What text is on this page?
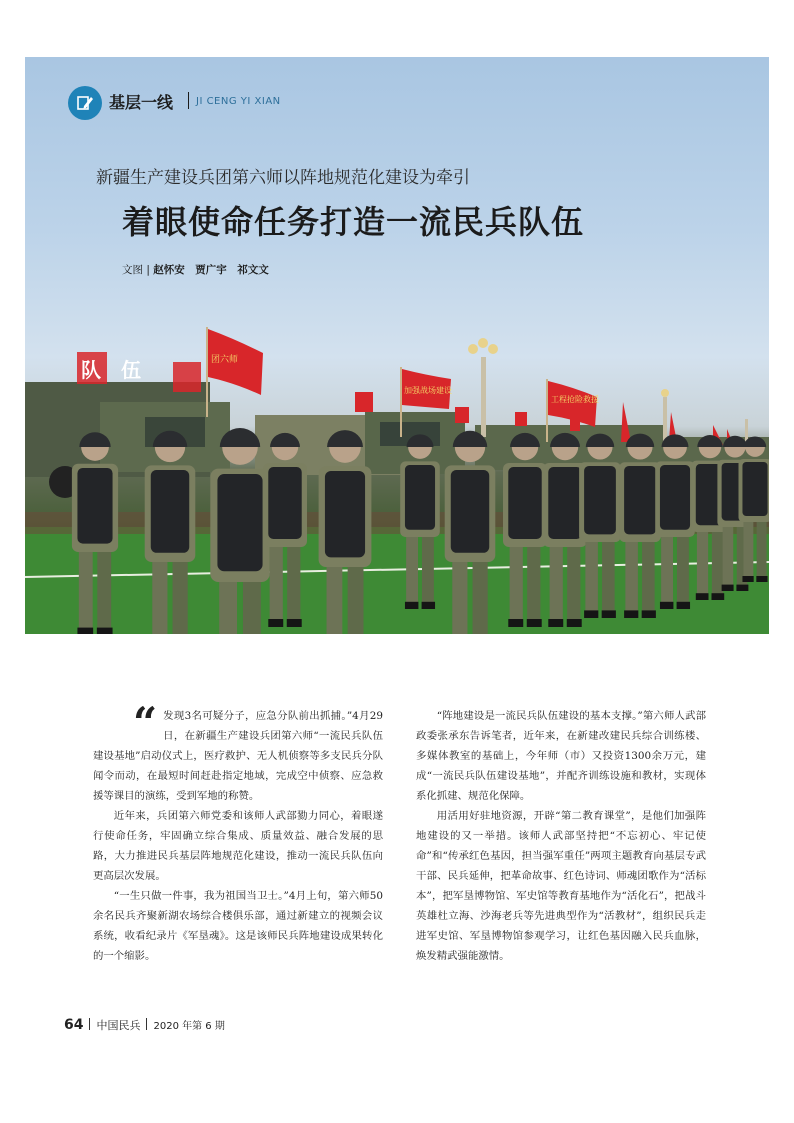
队　伍	团六师
加强战场建设
工程抢险救援
基层一线 JI CENG YI XIAN
新疆生产建设兵团第六师以阵地规范化建设为牵引
着眼使命任务打造一流民兵队伍
文图 | 赵怀安　贾广宇　祁文文

“ 发现3名可疑分子，应急分队前出抓捕。”4月29日，在新疆生产建设兵团第六师“一流民兵队伍建设基地”启动仪式上，医疗救护、无人机侦察等多支民兵分队闻令而动，在最短时间赶赴指定地域，完成空中侦察、应急救援等课目的演练，受到军地的称赞。

近年来，兵团第六师党委和该师人武部勠力同心，着眼遂行使命任务，牢固确立综合集成、质量效益、融合发展的思路，大力推进民兵基层阵地规范化建设，推动一流民兵队伍向更高层次发展。

“一生只做一件事，我为祖国当卫士。”4月上旬，第六师50余名民兵齐聚新湖农场综合楼俱乐部，通过新建立的视频会议系统，收看纪录片《军垦魂》。这是该师民兵阵地建设成果转化的一个缩影。

“阵地建设是一流民兵队伍建设的基本支撑。”第六师人武部政委张承东告诉笔者，近年来，在新建改建民兵综合训练楼、多媒体教室的基础上，今年师（市）又投资1300余万元，建成“一流民兵队伍建设基地”，并配齐训练设施和教材，实现体系化抓建、规范化保障。

用活用好驻地资源，开辟“第二教育课堂”，是他们加强阵地建设的又一举措。该师人武部坚持把“不忘初心、牢记使命”和“传承红色基因，担当强军重任”两项主题教育向基层专武干部、民兵延伸，把革命故事、红色诗词、师魂团歌作为“活标本”，把军垦博物馆、军史馆等教育基地作为“活化石”，把战斗英雄杜立海、沙海老兵等先进典型作为“活教材”，组织民兵走进军史馆、军垦博物馆参观学习，让红色基因融入民兵血脉，焕发精武强能激情。

64 中国民兵 2020 年第 6 期
